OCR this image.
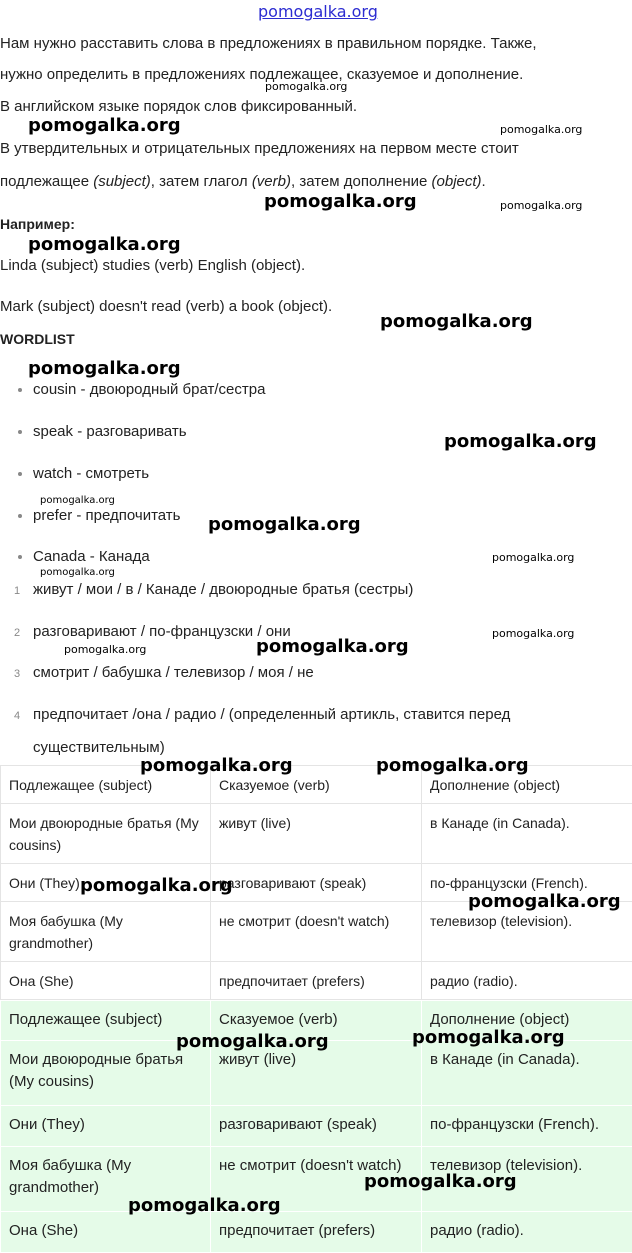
pomogalka.org
Нам нужно расставить слова в предложениях в правильном порядке. Также,
нужно определить в предложениях подлежащее, сказуемое и дополнение.
В английском языке порядок слов фиксированный.
В утвердительных и отрицательных предложениях на первом месте стоит
подлежащее (subject), затем глагол (verb), затем дополнение (object).
Например:
Linda (subject) studies (verb) English (object).
Mark (subject) doesn't read (verb) a book (object).
WORDLIST
cousin - двоюродный брат/сестра
speak - разговаривать
watch - смотреть
prefer - предпочитать
Canada - Канада
1 живут / мои / в / Канаде / двоюродные братья (сестры)
2 разговаривают / по-французски / они
3 смотрит / бабушка / телевизор / моя / не
4 предпочитает /она / радио / (определенный артикль, ставится перед
существительным)
Подлежащее (subject)	Сказуемое (verb)	Дополнение (object)
Мои двоюродные братья (My cousins)	живут (live)	в Канаде (in Canada).
Они (They)	разговаривают (speak)	по-французски (French).
Моя бабушка (My grandmother)	не смотрит (doesn't watch)	телевизор (television).
Она (She)	предпочитает (prefers)	радио (radio).
Подлежащее (subject)	Сказуемое (verb)	Дополнение (object)
Мои двоюродные братья (My cousins)	живут (live)	в Канаде (in Canada).
Они (They)	разговаривают (speak)	по-французски (French).
Моя бабушка (My grandmother)	не смотрит (doesn't watch)	телевизор (television).
Она (She)	предпочитает (prefers)	радио (radio).
pomogalka.org
pomogalka.org	pomogalka.org
pomogalka.org	pomogalka.org
pomogalka.org
pomogalka.org
pomogalka.org
pomogalka.org
pomogalka.org
pomogalka.org
pomogalka.org
pomogalka.org
pomogalka.org
pomogalka.org
pomogalka.org
pomogalka.org	pomogalka.org
pomogalka.org
pomogalka.org
pomogalka.org	pomogalka.org
pomogalka.org
pomogalka.org
